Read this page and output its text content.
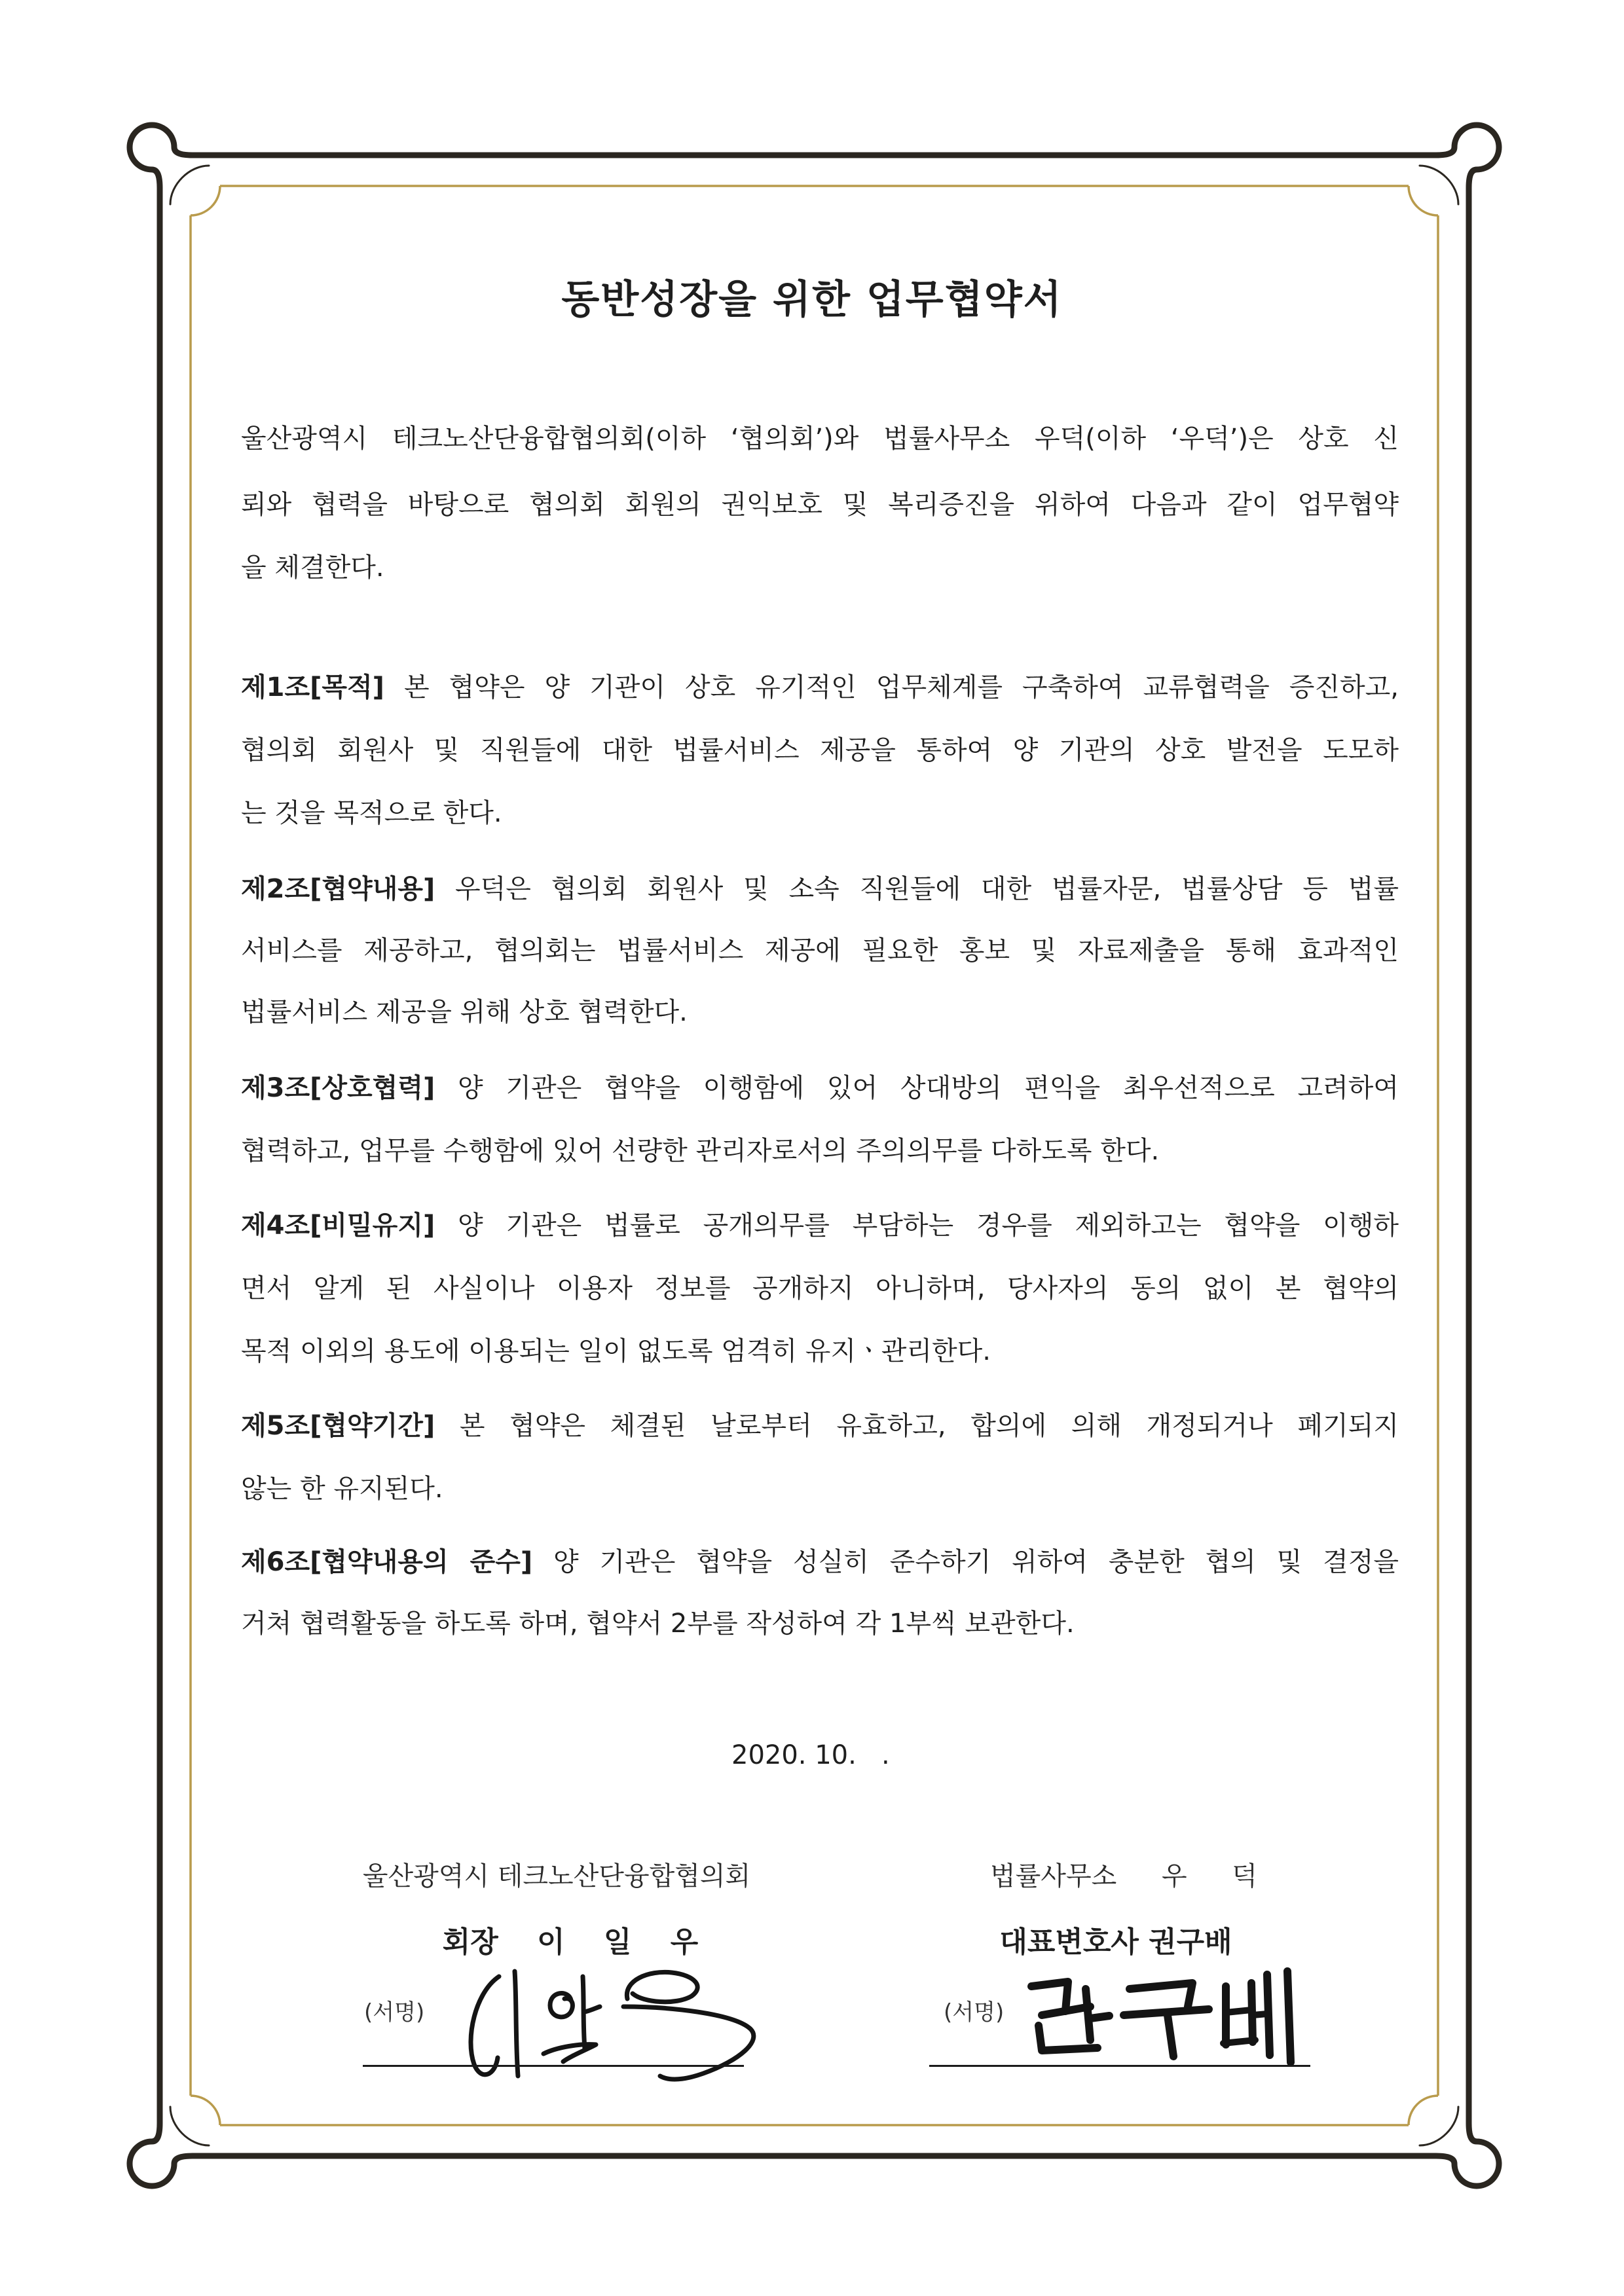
동반성장을 위한 업무협약서
울산광역시 테크노산단융합협의회(이하 ‘협의회’)와 법률사무소 우덕(이하 ‘우덕’)은 상호 신
뢰와 협력을 바탕으로 협의회 회원의 권익보호 및 복리증진을 위하여 다음과 같이 업무협약
을 체결한다.
제1조[목적] 본 협약은 양 기관이 상호 유기적인 업무체계를 구축하여 교류협력을 증진하고,
협의회 회원사 및 직원들에 대한 법률서비스 제공을 통하여 양 기관의 상호 발전을 도모하
는 것을 목적으로 한다.
제2조[협약내용] 우덕은 협의회 회원사 및 소속 직원들에 대한 법률자문, 법률상담 등 법률
서비스를 제공하고, 협의회는 법률서비스 제공에 필요한 홍보 및 자료제출을 통해 효과적인
법률서비스 제공을 위해 상호 협력한다.
제3조[상호협력] 양 기관은 협약을 이행함에 있어 상대방의 편익을 최우선적으로 고려하여
협력하고, 업무를 수행함에 있어 선량한 관리자로서의 주의의무를 다하도록 한다.
제4조[비밀유지] 양 기관은 법률로 공개의무를 부담하는 경우를 제외하고는 협약을 이행하
면서 알게 된 사실이나 이용자 정보를 공개하지 아니하며, 당사자의 동의 없이 본 협약의
목적 이외의 용도에 이용되는 일이 없도록 엄격히 유지ㆍ관리한다.
제5조[협약기간] 본 협약은 체결된 날로부터 유효하고, 합의에 의해 개정되거나 폐기되지
않는 한 유지된다.
제6조[협약내용의 준수] 양 기관은 협약을 성실히 준수하기 위하여 충분한 협의 및 결정을
거쳐 협력활동을 하도록 하며, 협약서 2부를 작성하여 각 1부씩 보관한다.
2020. 10.   .
울산광역시 테크노산단융합협의회
회장 이 일 우
(서명)
법률사무소 우 덕
대표변호사 권구배
(서명)
